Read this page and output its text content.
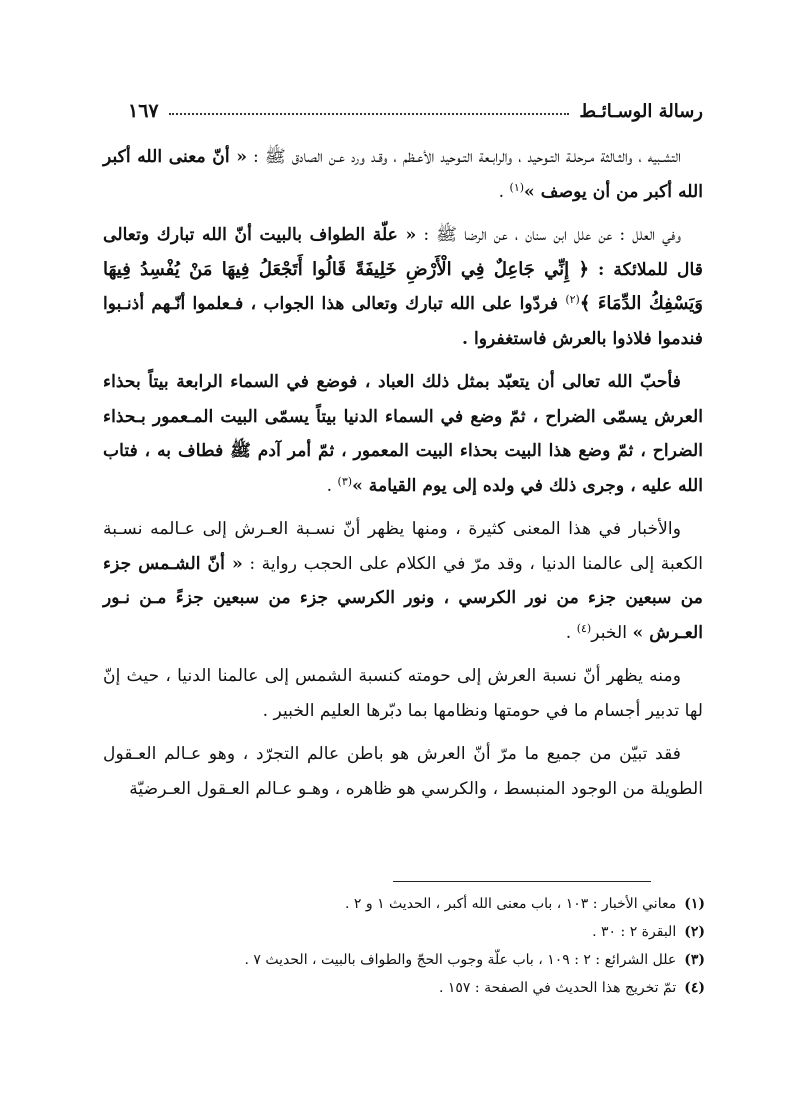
رسالة الوسـائـط
١٦٧

التشـبيه ، والثـالثة مـرحلـة التـوحيد ، والرابـعة التـوحيد الأعـظم ، وقـد ورد عـن الصادق ﷺ : « أنّ معنى الله أكبر الله أكبر من أن يوصف »$^{(١)}$ .

وفي العلل : عن علل ابن سنان ، عن الرضا ﷺ : « علّة الطواف بالبيت أنّ الله تبارك وتعالى قال للملائكة : ﴿ إِنِّي جَاعِلٌ فِي الْأَرْضِ خَلِيفَةً قَالُوا أَتَجْعَلُ فِيهَا مَنْ يُفْسِدُ فِيهَا وَيَسْفِكُ الدِّمَاءَ ﴾$^{(٢)}$ فردّوا على الله تبارك وتعالى هذا الجواب ، فـعلموا أنّـهم أذنـبوا فندموا فلاذوا بالعرش فاستغفروا .

فأحبّ الله تعالى أن يتعبّد بمثل ذلك العباد ، فوضع في السماء الرابعة بيتاً بحذاء العرش يسمّى الضراح ، ثمّ وضع في السماء الدنيا بيتاً يسمّى البيت المـعمور بـحذاء الضراح ، ثمّ وضع هذا البيت بحذاء البيت المعمور ، ثمّ أمر آدم ﷺ فطاف به ، فتاب الله عليه ، وجرى ذلك في ولده إلى يوم القيامة »$^{(٣)}$ .

والأخبار في هذا المعنى كثيرة ، ومنها يظهر أنّ نسـبة العـرش إلى عـالمه نسـبة الكعبة إلى عالمنا الدنيا ، وقد مرّ في الكلام على الحجب رواية : « أنّ الشـمس جزء من سبعين جزء من نور الكرسي ، ونور الكرسي جزء من سبعين جزءً مـن نـور العـرش » الخبر$^{(٤)}$ .

ومنه يظهر أنّ نسبة العرش إلى حومته كنسبة الشمس إلى عالمنا الدنيا ، حيث إنّ لها تدبير أجسام ما في حومتها ونظامها بما دبّرها العليم الخبير .

فقد تبيّن من جميع ما مرّ أنّ العرش هو باطن عالم التجرّد ، وهو عـالم العـقول الطويلة من الوجود المنبسط ، والكرسي هو ظاهره ، وهـو عـالم العـقول العـرضيّة

(١)معاني الأخبار : ١٠٣ ، باب معنى الله أكبر ، الحديث ١ و ٢ .
(٢)البقرة ٢ : ٣٠ .
(٣)علل الشرائع : ٢ : ١٠٩ ، باب علّة وجوب الحجّ والطواف بالبيت ، الحديث ٧ .
(٤)تمّ تخريج هذا الحديث في الصفحة : ١٥٧ .
